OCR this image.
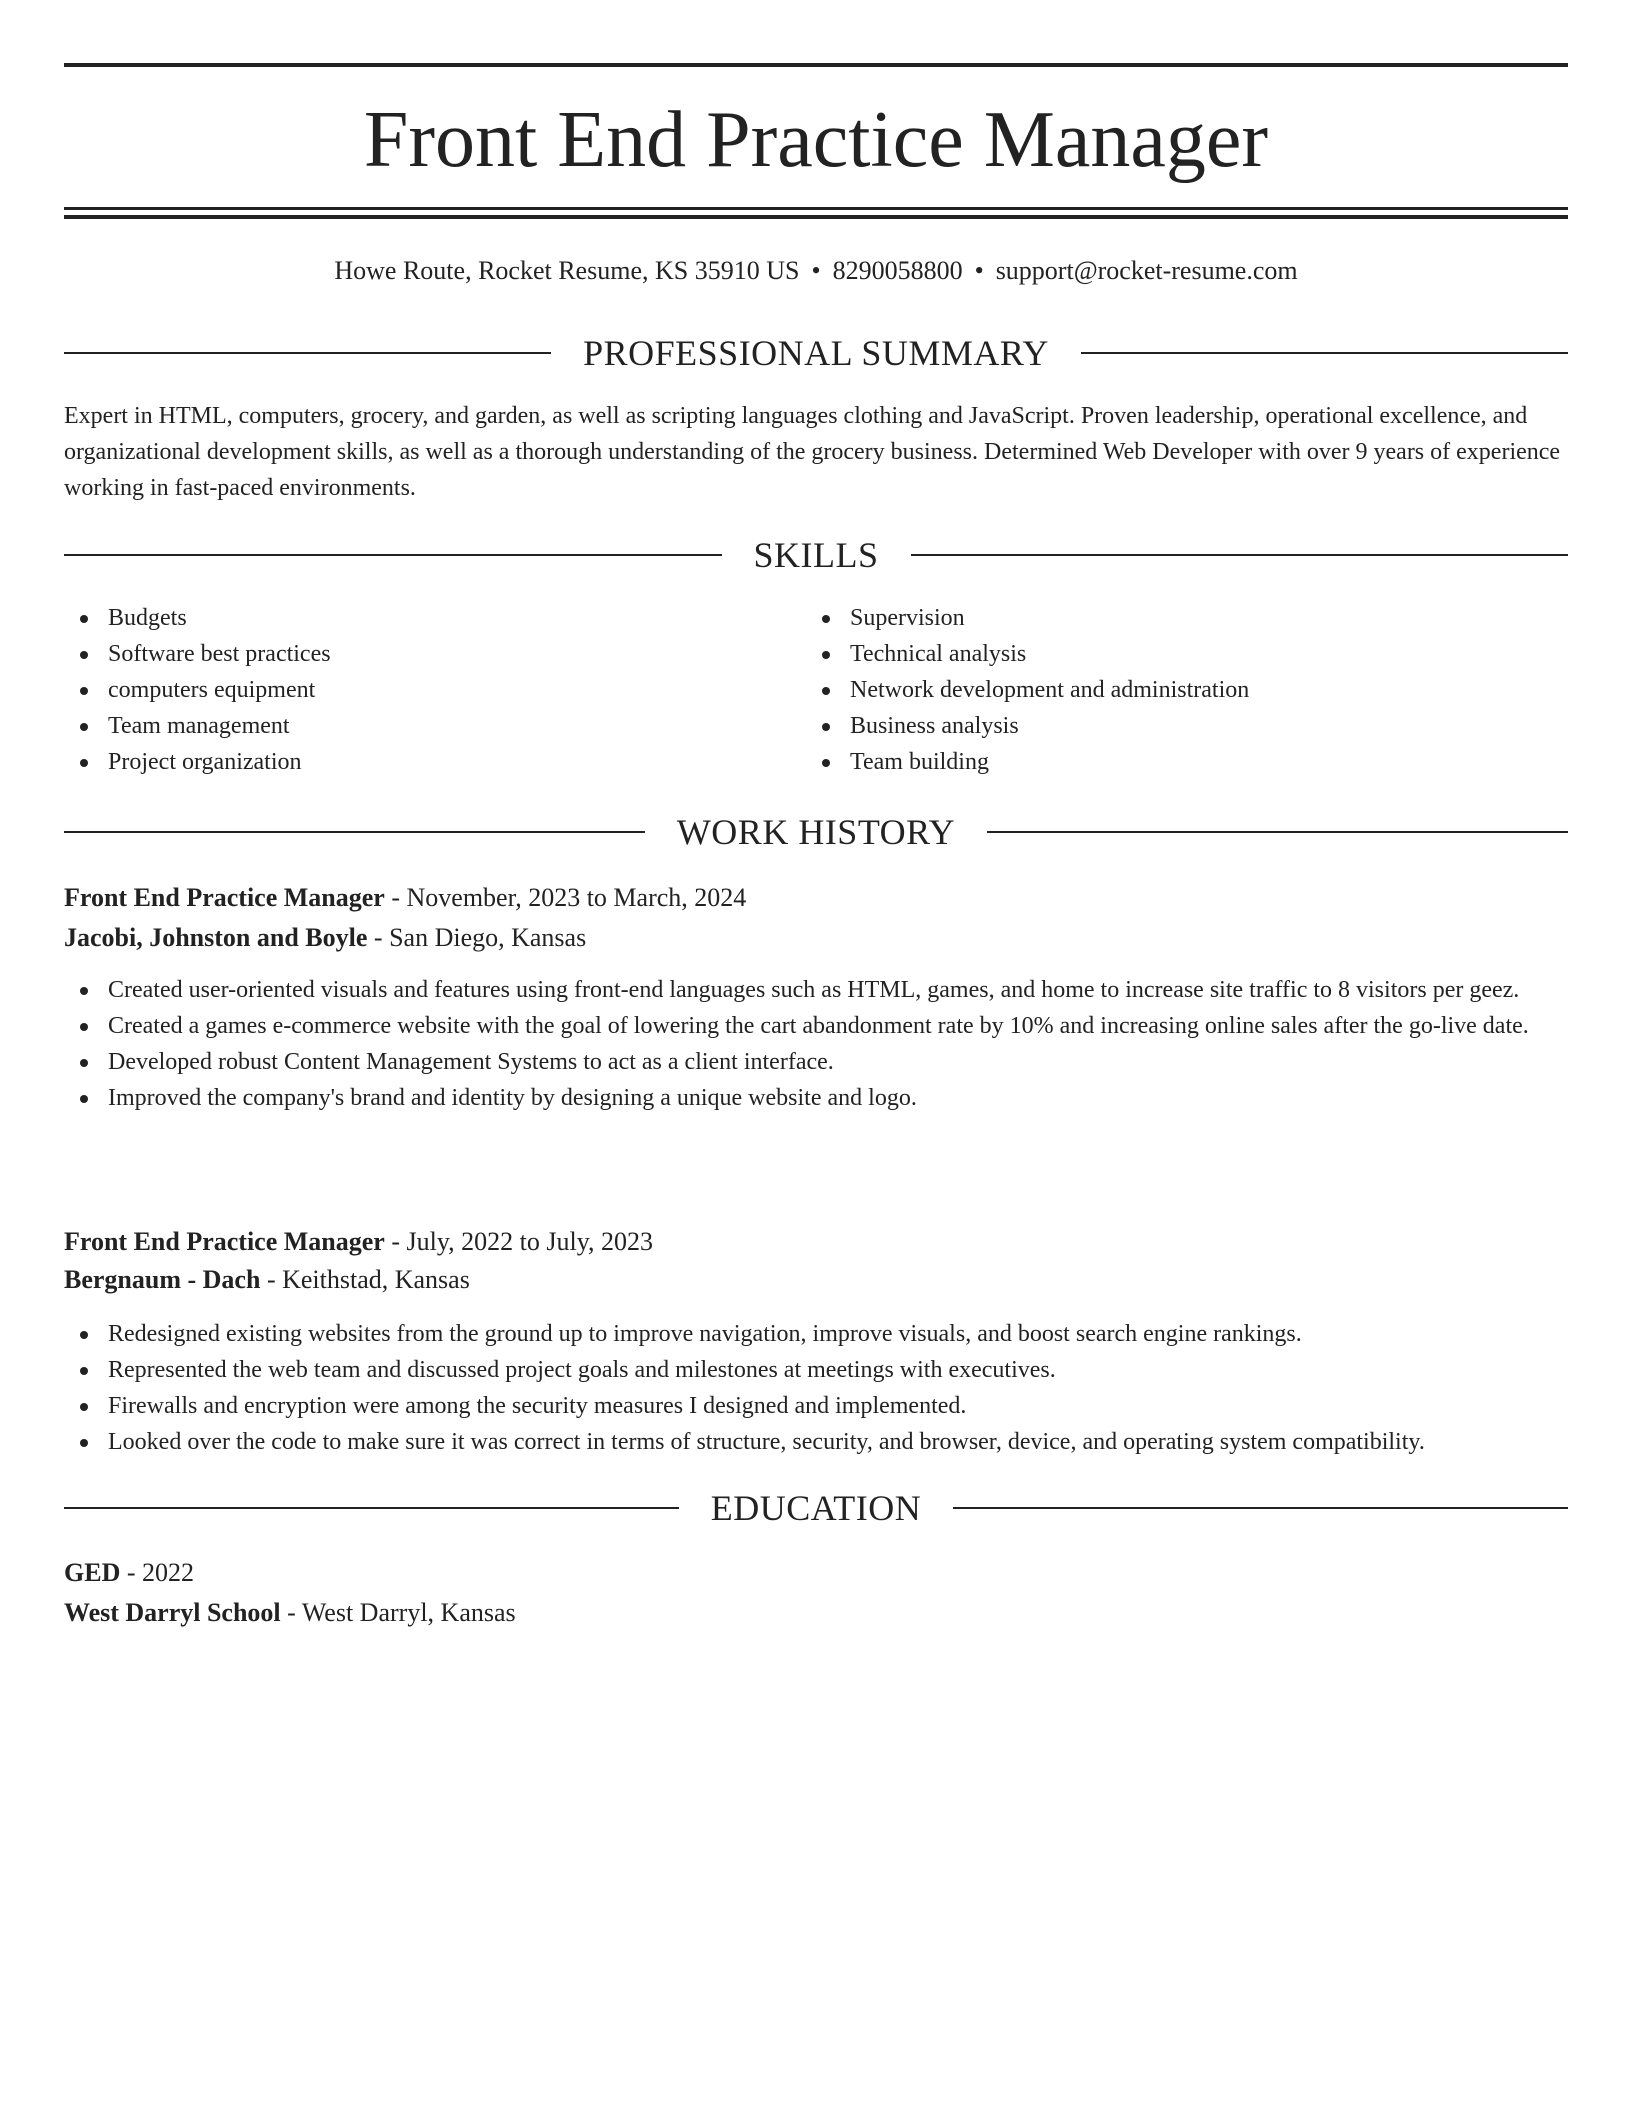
Front End Practice Manager
Howe Route, Rocket Resume, KS 35910 US • 8290058800 • support@rocket-resume.com
PROFESSIONAL SUMMARY
Expert in HTML, computers, grocery, and garden, as well as scripting languages clothing and JavaScript. Proven leadership, operational excellence, and organizational development skills, as well as a thorough understanding of the grocery business. Determined Web Developer with over 9 years of experience working in fast-paced environments.
SKILLS
Budgets
Software best practices
computers equipment
Team management
Project organization
Supervision
Technical analysis
Network development and administration
Business analysis
Team building
WORK HISTORY
Front End Practice Manager - November, 2023 to March, 2024
Jacobi, Johnston and Boyle - San Diego, Kansas
Created user-oriented visuals and features using front-end languages such as HTML, games, and home to increase site traffic to 8 visitors per geez.
Created a games e-commerce website with the goal of lowering the cart abandonment rate by 10% and increasing online sales after the go-live date.
Developed robust Content Management Systems to act as a client interface.
Improved the company's brand and identity by designing a unique website and logo.
Front End Practice Manager - July, 2022 to July, 2023
Bergnaum - Dach - Keithstad, Kansas
Redesigned existing websites from the ground up to improve navigation, improve visuals, and boost search engine rankings.
Represented the web team and discussed project goals and milestones at meetings with executives.
Firewalls and encryption were among the security measures I designed and implemented.
Looked over the code to make sure it was correct in terms of structure, security, and browser, device, and operating system compatibility.
EDUCATION
GED - 2022
West Darryl School - West Darryl, Kansas
